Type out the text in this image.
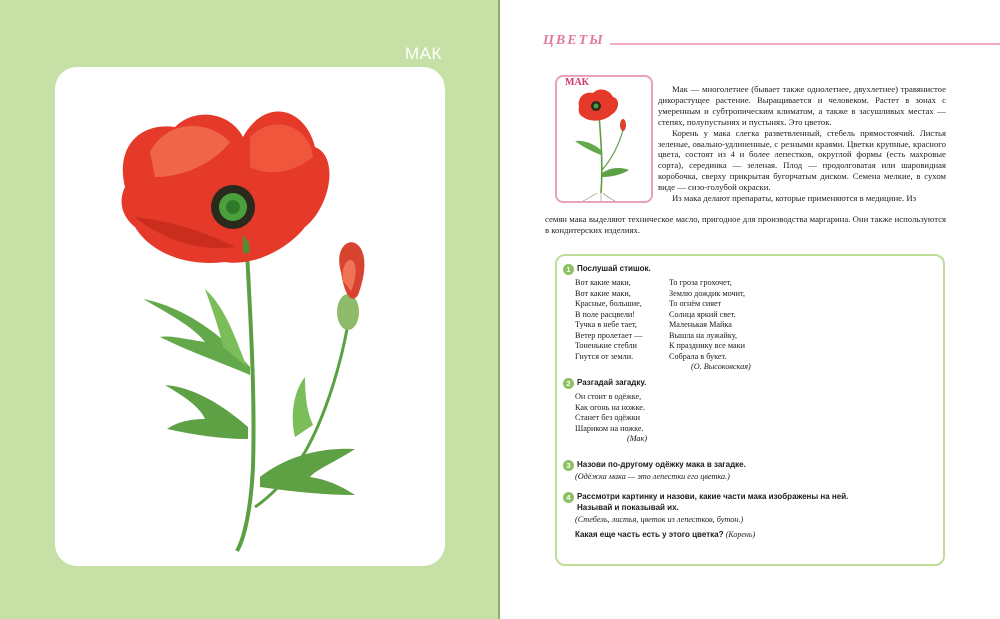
МАК
ЦВЕТЫ
МАК

Мак — многолетнее (бывает также однолетнее, двухлетнее) травянистое дикорастущее растение. Выращивается и человеком. Растет в зонах с умеренным и субтропическим климатом, а также в засушливых местах — степях, полупустынях и пустынях. Это цветок.

Корень у мака слегка разветвленный, стебель прямостоячий. Листья зеленые, овально-удлиненные, с резными краями. Цветки крупные, красного цвета, состоят из 4 и более лепестков, округлой формы (есть махровые сорта), серединка — зеленая. Плод — продолговатая или шаровидная коробочка, сверху прикрытая бугорчатым диском. Семена мелкие, в сухом виде — сизо-голубой окраски.

Из мака делают препараты, которые применяются в медицине. Из

семян мака выделяют техническое масло, пригодное для производства маргарина. Они также используются в кондитерских изделиях.
1 Послушай стишок.
Вот какие маки,
Вот какие маки,
Красные, большие,
В поле расцвели!
Тучка в небе тает,
Ветер пролетает —
Тоненькие стебли
Гнутся от земли.
То гроза грохочет,
Землю дождик мочит,
То огнём сияет
Солнца яркий свет.
Маленькая Майка
Вышла на лужайку,
К празднику все маки
Собрала в букет.
(О. Высоковская)
2 Разгадай загадку.
Он стоит в одёжке,
Как огонь на ножке.
Станет без одёжки
Шариком на ножке.
(Мак)
3 Назови по-другому одёжку мака в загадке.
(Одёжка мака — это лепестки его цветка.)
4 Рассмотри картинку и назови, какие части мака изображены на ней.
Называй и показывай их.
(Стебель, листья, цветок из лепестков, бутон.)
Какая еще часть есть у этого цветка? (Корень)
